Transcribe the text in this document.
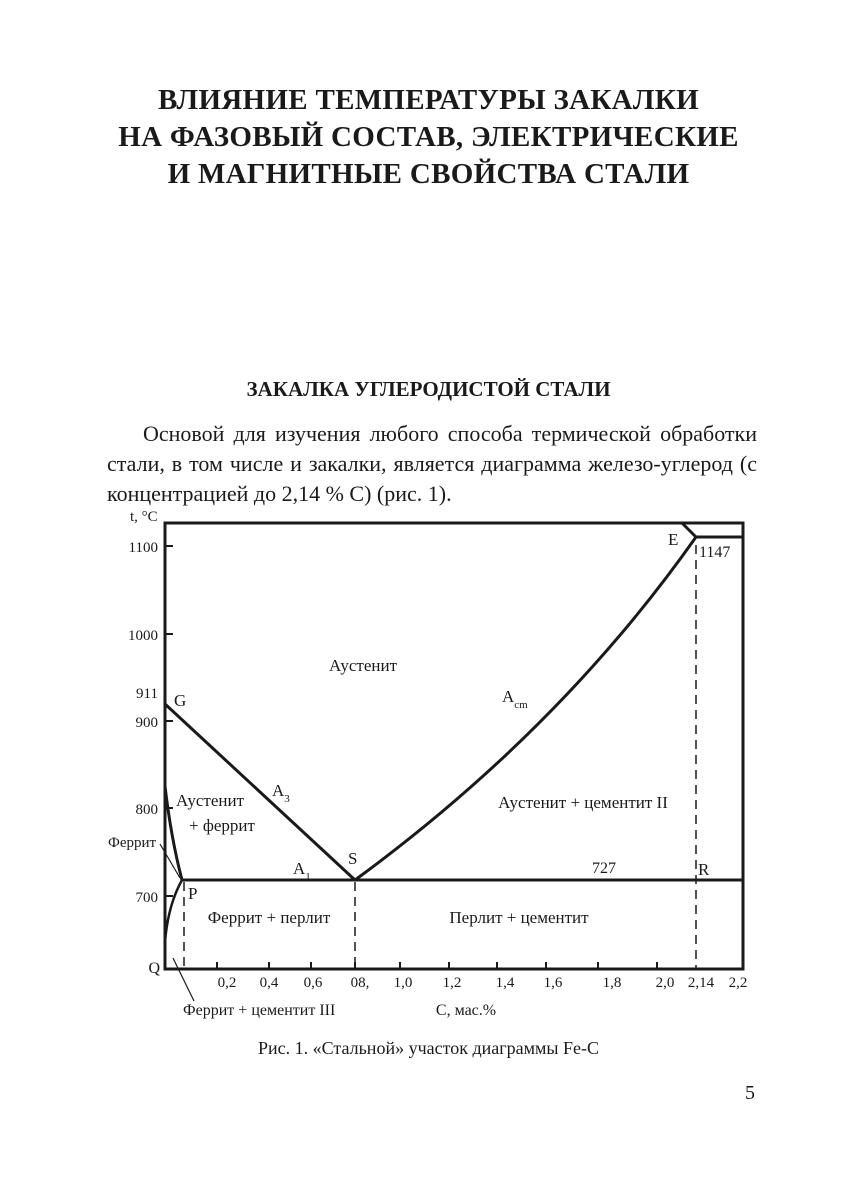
ВЛИЯНИЕ ТЕМПЕРАТУРЫ ЗАКАЛКИ
НА ФАЗОВЫЙ СОСТАВ, ЭЛЕКТРИЧЕСКИЕ
И МАГНИТНЫЕ СВОЙСТВА СТАЛИ
ЗАКАЛКА УГЛЕРОДИСТОЙ СТАЛИ
Основой для изучения любого способа термической обработки стали, в том числе и закалки, является диаграмма железо-углерод (с концентрацией до 2,14 % С) (рис. 1).
t, °C
1100
1000
911
900
800
700
Q
0,2 0,4 0,6 08, 1,0 1,2 1,4 1,6	1,8 2,0 2,14 2,2
С, мас.%
G
S
E
P
R
$А_3$
$А_1$
$А_{cm}$
1147
727
Аустенит
Аустенит
+ феррит
Аустенит + цементит II
Феррит + перлит	Перлит + цементит
Феррит
Феррит + цементит III
Рис. 1. «Стальной» участок диаграммы Fe-C
5
